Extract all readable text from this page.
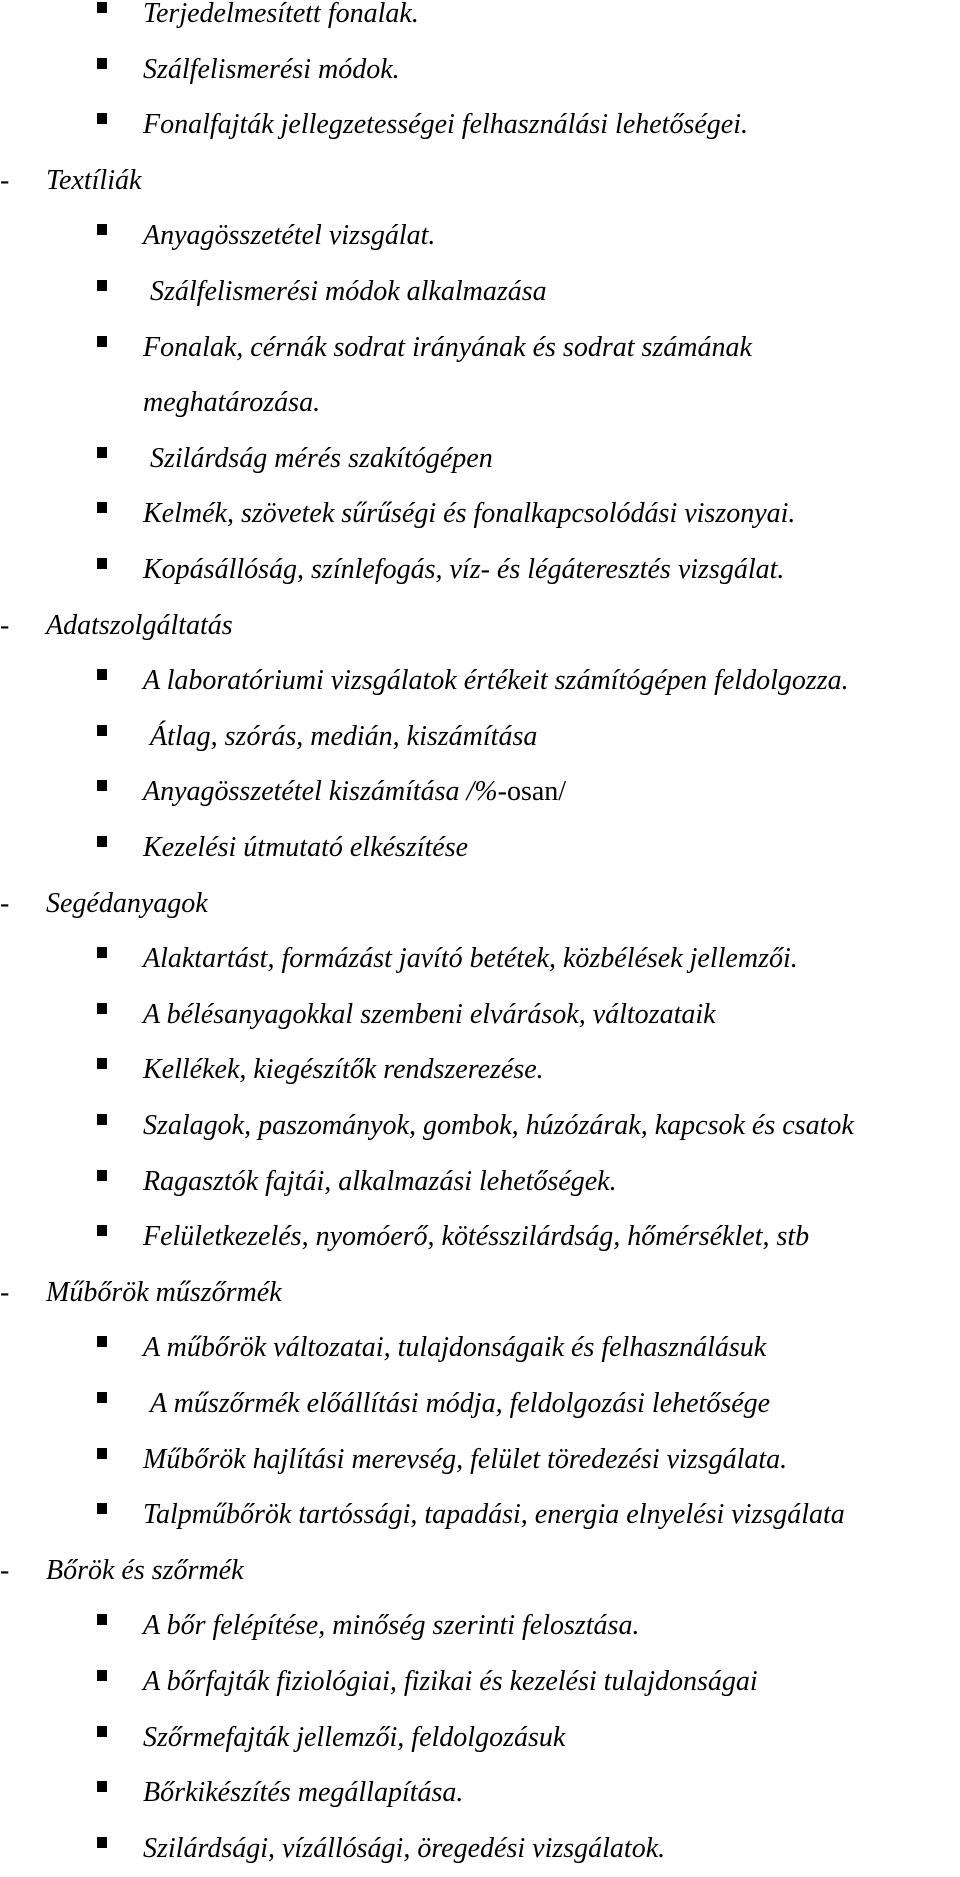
Terjedelmesített fonalak.
Szálfelismerési módok.
Fonalfajták jellegzetességei felhasználási lehetőségei.
- Textíliák
Anyagösszetétel vizsgálat.
Szálfelismerési módok alkalmazása
Fonalak, cérnák sodrat irányának és sodrat számának
meghatározása.
Szilárdság mérés szakítógépen
Kelmék, szövetek sűrűségi és fonalkapcsolódási viszonyai.
Kopásállóság, színlefogás, víz- és légáteresztés vizsgálat.
- Adatszolgáltatás
A laboratóriumi vizsgálatok értékeit számítógépen feldolgozza.
Átlag, szórás, medián, kiszámítása
Anyagösszetétel kiszámítása /%-osan/
Kezelési útmutató elkészítése
- Segédanyagok
Alaktartást, formázást javító betétek, közbélések jellemzői.
A bélésanyagokkal szembeni elvárások, változataik
Kellékek, kiegészítők rendszerezése.
Szalagok, paszományok, gombok, húzózárak, kapcsok és csatok
Ragasztók fajtái, alkalmazási lehetőségek.
Felületkezelés, nyomóerő, kötésszilárdság, hőmérséklet, stb
- Műbőrök műszőrmék
A műbőrök változatai, tulajdonságaik és felhasználásuk
A műszőrmék előállítási módja, feldolgozási lehetősége
Műbőrök hajlítási merevség, felület töredezési vizsgálata.
Talpműbőrök tartóssági, tapadási, energia elnyelési vizsgálata
- Bőrök és szőrmék
A bőr felépítése, minőség szerinti felosztása.
A bőrfajták fiziológiai, fizikai és kezelési tulajdonságai
Szőrmefajták jellemzői, feldolgozásuk
Bőrkikészítés megállapítása.
Szilárdsági, vízállósági, öregedési vizsgálatok.
